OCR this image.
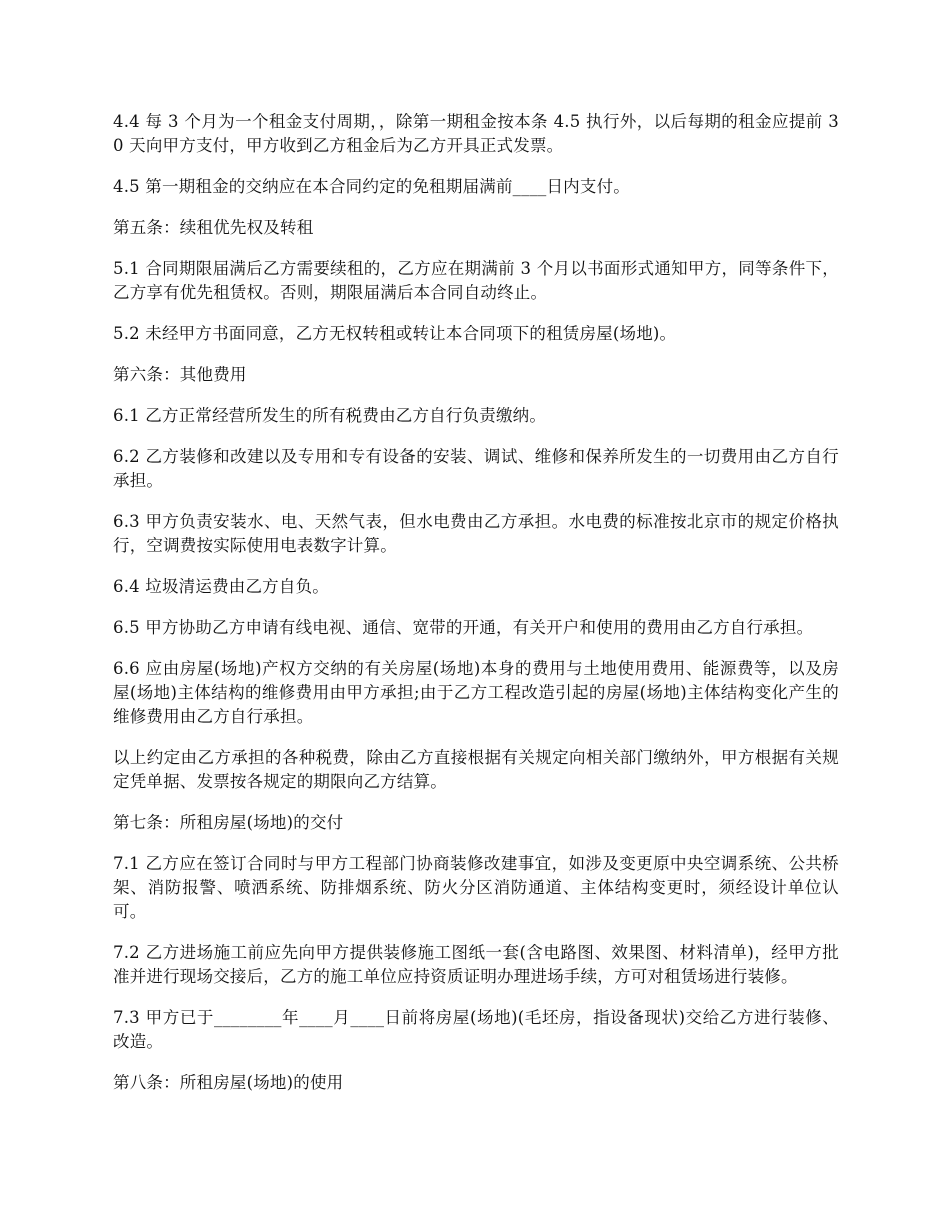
4.4 每 3 个月为一个租金支付周期，，除第一期租金按本条 4.5 执行外，以后每期的租金应提前 30 天向甲方支付，甲方收到乙方租金后为乙方开具正式发票。

4.5 第一期租金的交纳应在本合同约定的免租期届满前____日内支付。

第五条：续租优先权及转租

5.1 合同期限届满后乙方需要续租的，乙方应在期满前 3 个月以书面形式通知甲方，同等条件下，乙方享有优先租赁权。否则，期限届满后本合同自动终止。

5.2 未经甲方书面同意，乙方无权转租或转让本合同项下的租赁房屋(场地)。

第六条：其他费用

6.1 乙方正常经营所发生的所有税费由乙方自行负责缴纳。

6.2 乙方装修和改建以及专用和专有设备的安装、调试、维修和保养所发生的一切费用由乙方自行承担。

6.3 甲方负责安装水、电、天然气表，但水电费由乙方承担。水电费的标准按北京市的规定价格执行，空调费按实际使用电表数字计算。

6.4 垃圾清运费由乙方自负。

6.5 甲方协助乙方申请有线电视、通信、宽带的开通，有关开户和使用的费用由乙方自行承担。

6.6 应由房屋(场地)产权方交纳的有关房屋(场地)本身的费用与土地使用费用、能源费等，以及房屋(场地)主体结构的维修费用由甲方承担;由于乙方工程改造引起的房屋(场地)主体结构变化产生的维修费用由乙方自行承担。

以上约定由乙方承担的各种税费，除由乙方直接根据有关规定向相关部门缴纳外，甲方根据有关规定凭单据、发票按各规定的期限向乙方结算。

第七条：所租房屋(场地)的交付

7.1 乙方应在签订合同时与甲方工程部门协商装修改建事宜，如涉及变更原中央空调系统、公共桥架、消防报警、喷洒系统、防排烟系统、防火分区消防通道、主体结构变更时，须经设计单位认可。

7.2 乙方进场施工前应先向甲方提供装修施工图纸一套(含电路图、效果图、材料清单)，经甲方批准并进行现场交接后，乙方的施工单位应持资质证明办理进场手续，方可对租赁场进行装修。

7.3 甲方已于________年____月____日前将房屋(场地)(毛坯房，指设备现状)交给乙方进行装修、改造。

第八条：所租房屋(场地)的使用
